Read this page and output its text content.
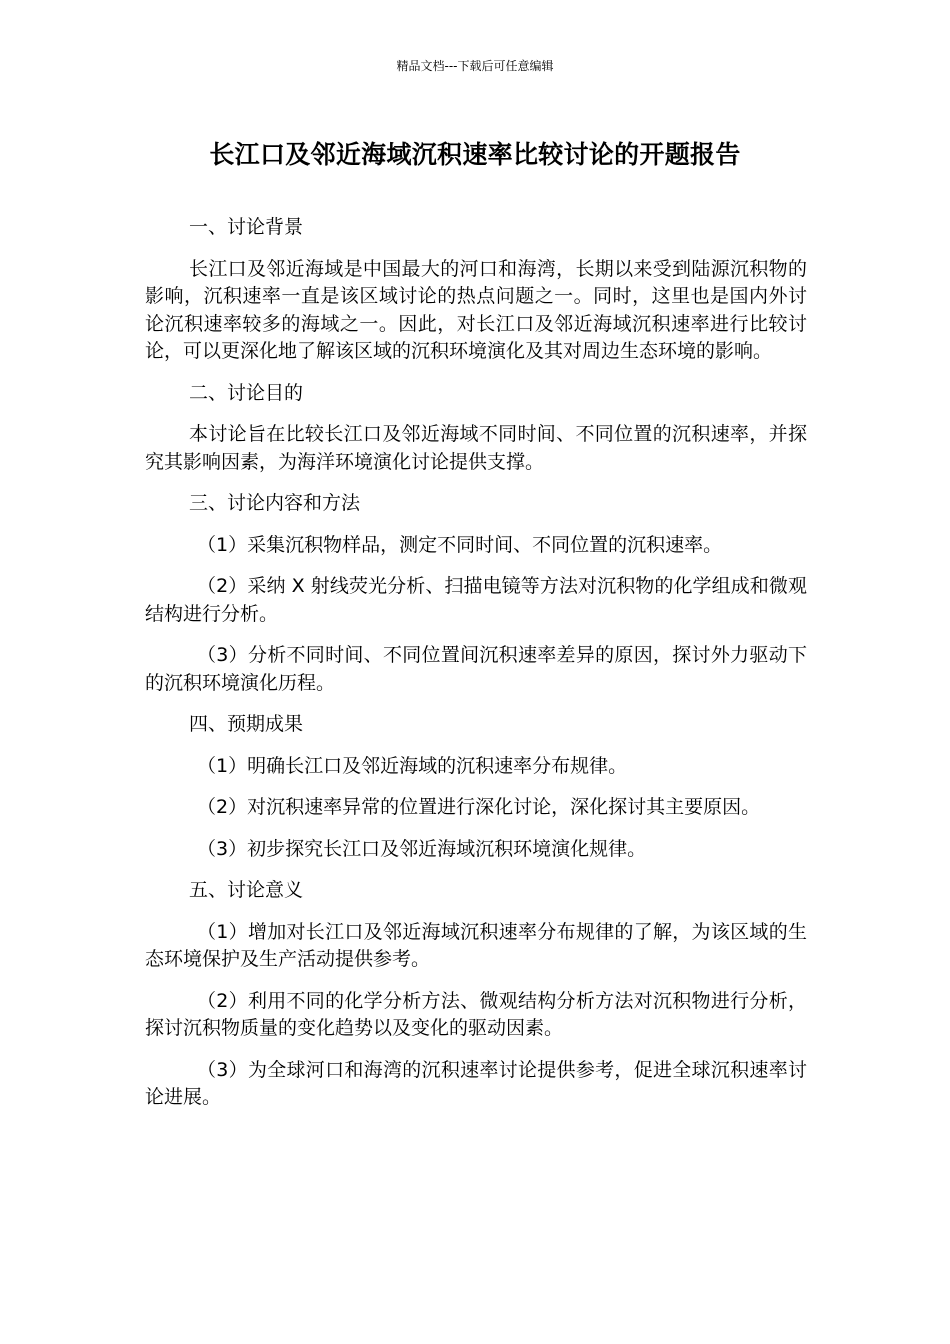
精品文档---下载后可任意编辑
长江口及邻近海域沉积速率比较讨论的开题报告
一、讨论背景

长江口及邻近海域是中国最大的河口和海湾，长期以来受到陆源沉积物的影响，沉积速率一直是该区域讨论的热点问题之一。同时，这里也是国内外讨论沉积速率较多的海域之一。因此，对长江口及邻近海域沉积速率进行比较讨论，可以更深化地了解该区域的沉积环境演化及其对周边生态环境的影响。

二、讨论目的

本讨论旨在比较长江口及邻近海域不同时间、不同位置的沉积速率，并探究其影响因素，为海洋环境演化讨论提供支撑。

三、讨论内容和方法

（1）采集沉积物样品，测定不同时间、不同位置的沉积速率。

（2）采纳 X 射线荧光分析、扫描电镜等方法对沉积物的化学组成和微观结构进行分析。

（3）分析不同时间、不同位置间沉积速率差异的原因，探讨外力驱动下的沉积环境演化历程。

四、预期成果

（1）明确长江口及邻近海域的沉积速率分布规律。

（2）对沉积速率异常的位置进行深化讨论，深化探讨其主要原因。

（3）初步探究长江口及邻近海域沉积环境演化规律。

五、讨论意义

（1）增加对长江口及邻近海域沉积速率分布规律的了解，为该区域的生态环境保护及生产活动提供参考。

（2）利用不同的化学分析方法、微观结构分析方法对沉积物进行分析，探讨沉积物质量的变化趋势以及变化的驱动因素。

（3）为全球河口和海湾的沉积速率讨论提供参考，促进全球沉积速率讨论进展。
